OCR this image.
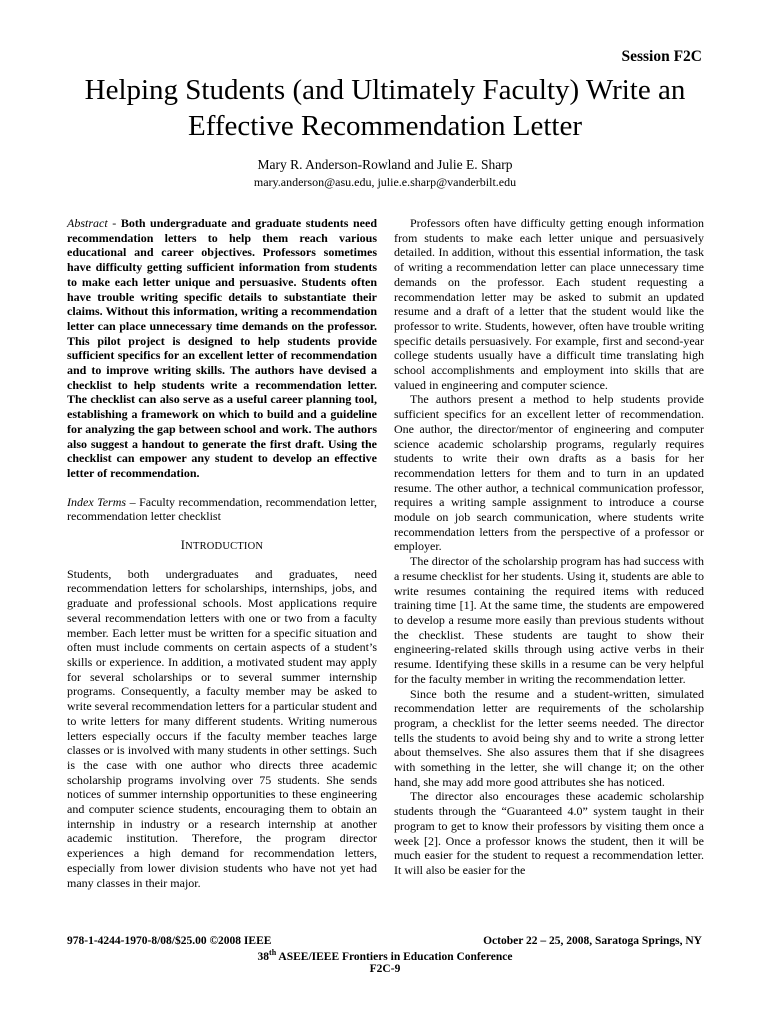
Session F2C
Helping Students (and Ultimately Faculty) Write an Effective Recommendation Letter
Mary R. Anderson-Rowland and Julie E. Sharp
mary.anderson@asu.edu, julie.e.sharp@vanderbilt.edu

Abstract - Both undergraduate and graduate students need recommendation letters to help them reach various educational and career objectives. Professors sometimes have difficulty getting sufficient information from students to make each letter unique and persuasive. Students often have trouble writing specific details to substantiate their claims. Without this information, writing a recommendation letter can place unnecessary time demands on the professor. This pilot project is designed to help students provide sufficient specifics for an excellent letter of recommendation and to improve writing skills. The authors have devised a checklist to help students write a recommendation letter. The checklist can also serve as a useful career planning tool, establishing a framework on which to build and a guideline for analyzing the gap between school and work. The authors also suggest a handout to generate the first draft. Using the checklist can empower any student to develop an effective letter of recommendation.

Index Terms – Faculty recommendation, recommendation letter, recommendation letter checklist

INTRODUCTION

Students, both undergraduates and graduates, need recommendation letters for scholarships, internships, jobs, and graduate and professional schools. Most applications require several recommendation letters with one or two from a faculty member. Each letter must be written for a specific situation and often must include comments on certain aspects of a student’s skills or experience. In addition, a motivated student may apply for several scholarships or to several summer internship programs. Consequently, a faculty member may be asked to write several recommendation letters for a particular student and to write letters for many different students. Writing numerous letters especially occurs if the faculty member teaches large classes or is involved with many students in other settings. Such is the case with one author who directs three academic scholarship programs involving over 75 students. She sends notices of summer internship opportunities to these engineering and computer science students, encouraging them to obtain an internship in industry or a research internship at another academic institution. Therefore, the program director experiences a high demand for recommendation letters, especially from lower division students who have not yet had many classes in their major.

Professors often have difficulty getting enough information from students to make each letter unique and persuasively detailed. In addition, without this essential information, the task of writing a recommendation letter can place unnecessary time demands on the professor. Each student requesting a recommendation letter may be asked to submit an updated resume and a draft of a letter that the student would like the professor to write. Students, however, often have trouble writing specific details persuasively. For example, first and second-year college students usually have a difficult time translating high school accomplishments and employment into skills that are valued in engineering and computer science.

The authors present a method to help students provide sufficient specifics for an excellent letter of recommendation. One author, the director/mentor of engineering and computer science academic scholarship programs, regularly requires students to write their own drafts as a basis for her recommendation letters for them and to turn in an updated resume. The other author, a technical communication professor, requires a writing sample assignment to introduce a course module on job search communication, where students write recommendation letters from the perspective of a professor or employer.

The director of the scholarship program has had success with a resume checklist for her students. Using it, students are able to write resumes containing the required items with reduced training time [1]. At the same time, the students are empowered to develop a resume more easily than previous students without the checklist. These students are taught to show their engineering-related skills through using active verbs in their resume. Identifying these skills in a resume can be very helpful for the faculty member in writing the recommendation letter.

Since both the resume and a student-written, simulated recommendation letter are requirements of the scholarship program, a checklist for the letter seems needed. The director tells the students to avoid being shy and to write a strong letter about themselves. She also assures them that if she disagrees with something in the letter, she will change it; on the other hand, she may add more good attributes she has noticed.

The director also encourages these academic scholarship students through the “Guaranteed 4.0” system taught in their program to get to know their professors by visiting them once a week [2]. Once a professor knows the student, then it will be much easier for the student to request a recommendation letter. It will also be easier for the

978-1-4244-1970-8/08/$25.00 ©2008 IEEE	October 22 – 25, 2008, Saratoga Springs, NY
38th ASEE/IEEE Frontiers in Education Conference
F2C-9
